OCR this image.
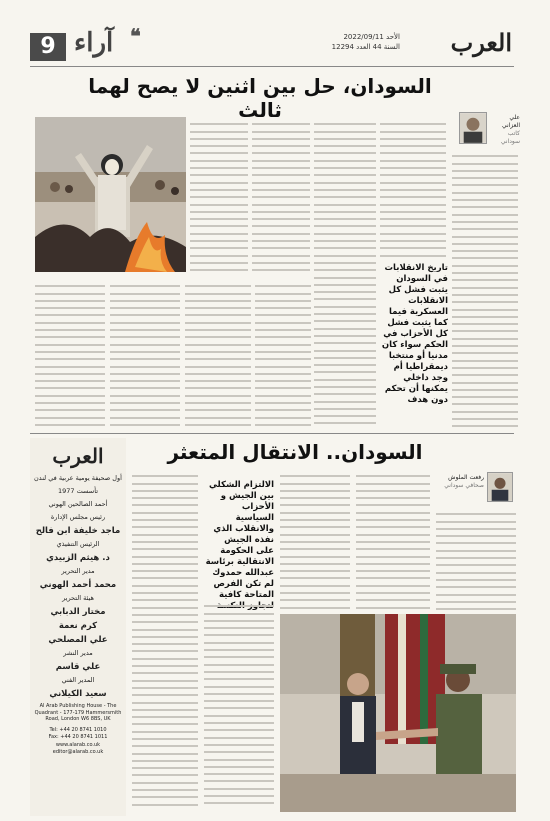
9 آراء ❝	2022/09/11 الأحد
السنة 44 العدد 12294 العرب
السودان، حل بين اثنين لا يصح لهما ثالث	علي العزاني
كاتب سوداني
تاريخ الانقلابات في السودان يثبت فشل كل الانقلابات العسكرية فيما كما يثبت فشل كل الأحزاب في الحكم سواء كان مدنيا أو منتخبا ديمقراطيا أم وجد داخلي يمكنها أن تحكم دون هدف
العرب
أول صحيفة يومية عربية في لندن
1977 تأسست
أحمد الصالحين الهوني
رئيس مجلس الإدارة
ماجد خليفة ابن فالح
الرئيس التنفيذي
د. هيثم الزبيدي
مدير التحرير
محمد أحمد الهوني
هيئة التحرير
مختار الدبابي
كرم نعمة
علي المصلحي
مدير النشر
علي قاسم
المدير الفني
سعيد الكيلاني
Al Arab Publishing House - The Quadrant - 177-179 Hammersmith Road, London W6 8BS, UK
Tel: +44 20 8741 1010
Fax: +44 20 8741 1011
www.alarab.co.uk
editor@alarab.co.uk
السودان.. الانتقال المتعثر
رفعت الملوش
صحافي سوداني
الالتزام الشكلي بين الجيش و الأحزاب السياسية والانقلاب الذي نفذه الجيش على الحكومة الانتقالية برئاسة عبدالله حمدوك لم تكن الفرص المتاحة كافية لتجاوز النكسة
